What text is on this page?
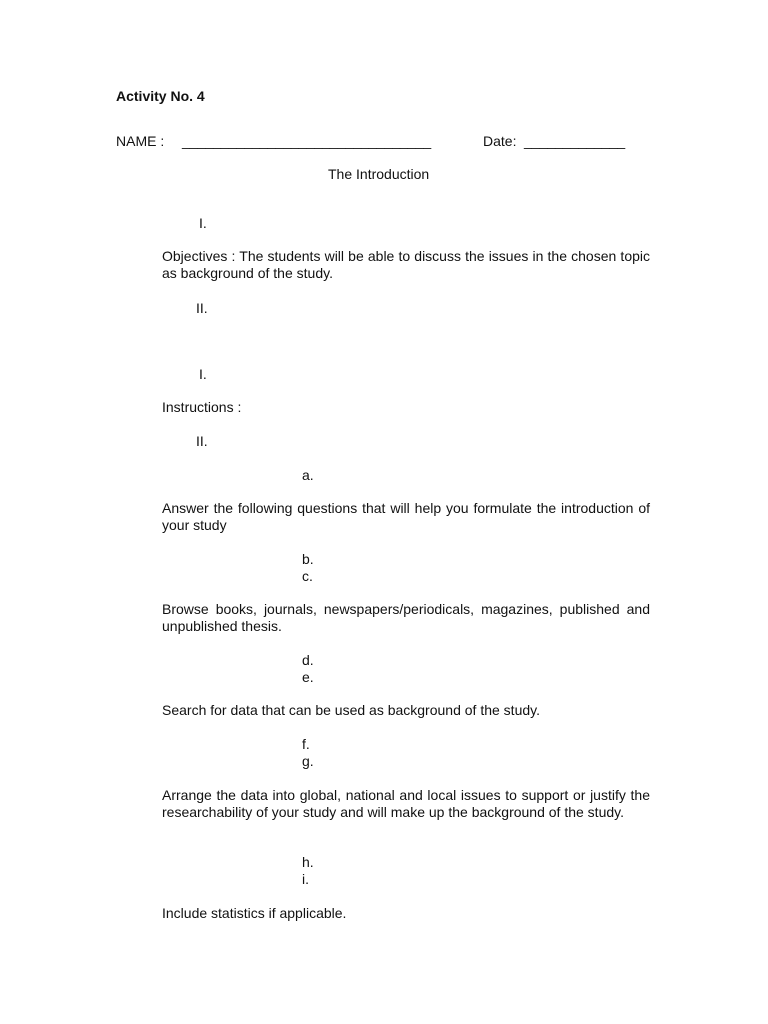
Activity No. 4
NAME : ________________________________	Date: _____________
The Introduction
I.
Objectives : The students will be able to discuss the issues in the chosen topic as background of the study.
II.
I.
Instructions :
II.
a.
Answer the following questions that will help you formulate the introduction of your study
b.
c.
Browse books, journals, newspapers/periodicals, magazines, published and unpublished thesis.
d.
e.
Search for data that can be used as background of the study.
f.
g.
Arrange the data into global, national and local issues to support or justify the researchability of your study and will make up the background of the study.
h.
i.
Include statistics if applicable.
